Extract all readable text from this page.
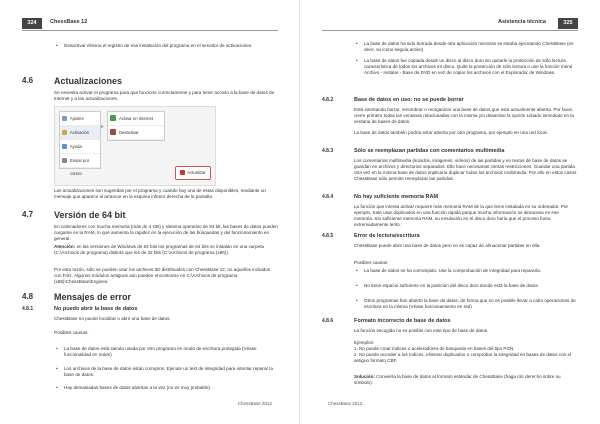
324	ChessBase 12
• Desactivar elimina el registro de esa instalación del programa en el servidor de activaciones.
4.6 Actualizaciones
Se necesita activar el programa para que funcione correctamente y para tener acceso a la base de datos de Internet y a las actualizaciones.
Ajustes
Activación
Ayuda
Enviar por correo
▸
Activar en Internet
Desactivar
Actualizar
Las actualizaciones son sugeridas por el programa y cuando hay una de estas disponibles, mediante un mensaje que aparece al arrancar en la esquina inferior derecha de la pantalla.
4.7 Versión de 64 bit
En ordenadores con mucha memoria (más de 4 GB) y sistema operativo de 64 bit, las bases de datos pueden cargarse en la RAM, lo que aumenta la rapidez en la ejecución de las búsquedas y del funcionamiento en general.
Atención: en las versiones de Windows de 64 bits los programas de 64 bits se instalan en una carpeta (C:\Archivos de programa) distinta que los de 32 bits (C:\Archivos de programa (x86)).
Por esta razón, sólo se pueden usar los archivos 3D distribuidos con ChessBase 12, no aquellos incluidos con Fritz. Algunos módulos antiguos aún pueden encontrarse en C:\Archivos de programa (x86)\ChessBase\Engines.
4.8 Mensajes de error
4.8.1	No puedo abrir la base de datos
ChessBase no puede localizar o abrir una base de datos.
Posibles causas:
• La base de datos está siendo usada por otro programa en modo de escritura protegida (Véase funcionalidad en redes)
• Los archivos de la base de datos están corruptos. Ejecute un test de integridad para intentar reparar la base de datos.
• Hay demasiadas bases de datos abiertas a la vez (no es muy probable)
ChessBase 2012
Asistencia técnica	325
• La base de datos ha sido borrada desde otra aplicación mientras se estaba ejecutando ChessBase (es decir, su icono seguía activo)
• La base de datos fue copiada desde un disco al disco duro sin quitarle la protección de sólo lectura característica de todos los archivos en disco. Quite la protección de sólo lectura o use la función menú Archivo - Instalar - Base de DVD en vez de copiar los archivos con el Explorador de Windows.
4.8.2	Base de datos en uso: no se puede borrar
Está intentando borrar, renombrar o reorganizar una base de datos que está actualmente abierta. Por favor, cierre primero todas las ventanas relacionadas con la misma y/o desactive la opción Listado inmediato en la ventana de bases de datos.
La base de datos también podría estar abierta por otro programa, por ejemplo en una red local.
4.8.3	Sólo se reemplazan partidas con comentarios multimedia
Los comentarios multimedia (sonidos, imágenes, vídeos) de las partidas y en textos de base de datos se guardan en archivos y directorios separados. Ello hace necesarias ciertas restricciones. Guardar una partida otra vez en la misma base de datos implicaría duplicar todos los archivos multimedia. Por ello en estos casos ChessBase sólo permite reemplazar las partidas.
4.8.4	No hay suficiente memoria RAM
La función que intenta activar requiere más memoria RAM de la que tiene instalada en su ordenador. Por ejemplo, trate usar duplicados en una función rápida porque mucha información se almacena en ese memoria. Sin suficiente memoria RAM, su emulación en el disco duro haría que el proceso fuera extremadamente lento.
4.8.5	Error de lectura/escritura
ChessBase puede abrir una base de datos pero no es capaz de almacenar partidas en ella.
Posibles causas:
• La base de datos se ha corrompido. Use la comprobación de integridad para repararla.
• No tiene espacio suficiente en la partición del disco duro donde está la base de datos.
• Otros programas han abierto la base de datos, de forma que no es posible llevar a cabo operaciones de escritura en la misma (Véase funcionamiento en red)
4.8.6	Formato incorrecto de base de datos
La función escogida no es posible con este tipo de base de datos.
Ejemplos:
1. No puede crear índices o aceleradores de búsqueda en bases del tipo PGN.
2. No puede acceder a los índices, eliminar duplicados o comprobar la integridad en bases de datos con el antiguo formato CBF.
Solución: Convierta la base de datos al formato estándar de ChessBase (haga clic derecho sobre su símbolo).
ChessBase 2012
